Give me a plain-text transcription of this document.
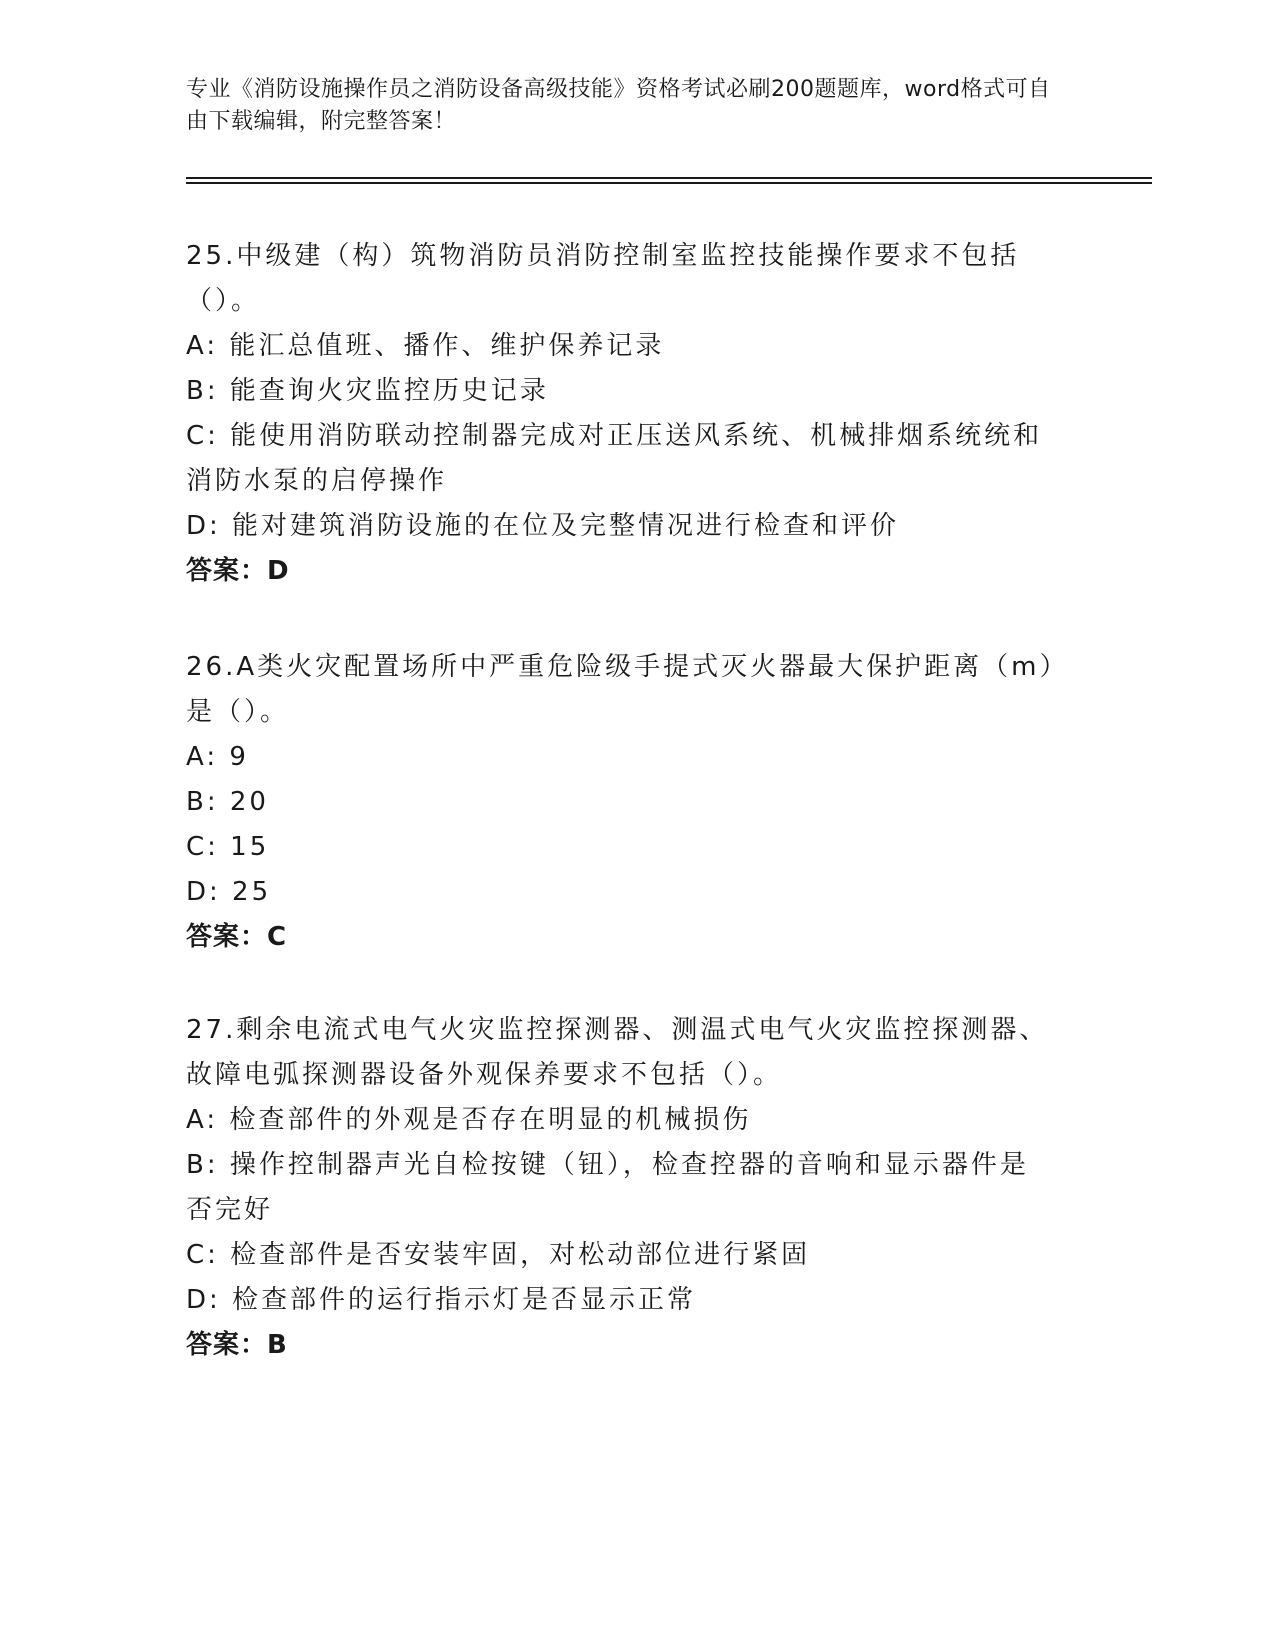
专业《消防设施操作员之消防设备高级技能》资格考试必刷200题题库，word格式可自由下载编辑，附完整答案！
25.中级建（构）筑物消防员消防控制室监控技能操作要求不包括（）。
A: 能汇总值班、播作、维护保养记录
B: 能查询火灾监控历史记录
C: 能使用消防联动控制器完成对正压送风系统、机械排烟系统统和消防水泵的启停操作
D: 能对建筑消防设施的在位及完整情况进行检查和评价
答案：D
26.A类火灾配置场所中严重危险级手提式灭火器最大保护距离（m）是（）。
A: 9
B: 20
C: 15
D: 25
答案：C
27.剩余电流式电气火灾监控探测器、测温式电气火灾监控探测器、故障电弧探测器设备外观保养要求不包括（）。
A: 检查部件的外观是否存在明显的机械损伤
B: 操作控制器声光自检按键（钮），检查控器的音响和显示器件是否完好
C: 检查部件是否安装牢固，对松动部位进行紧固
D: 检查部件的运行指示灯是否显示正常
答案：B
